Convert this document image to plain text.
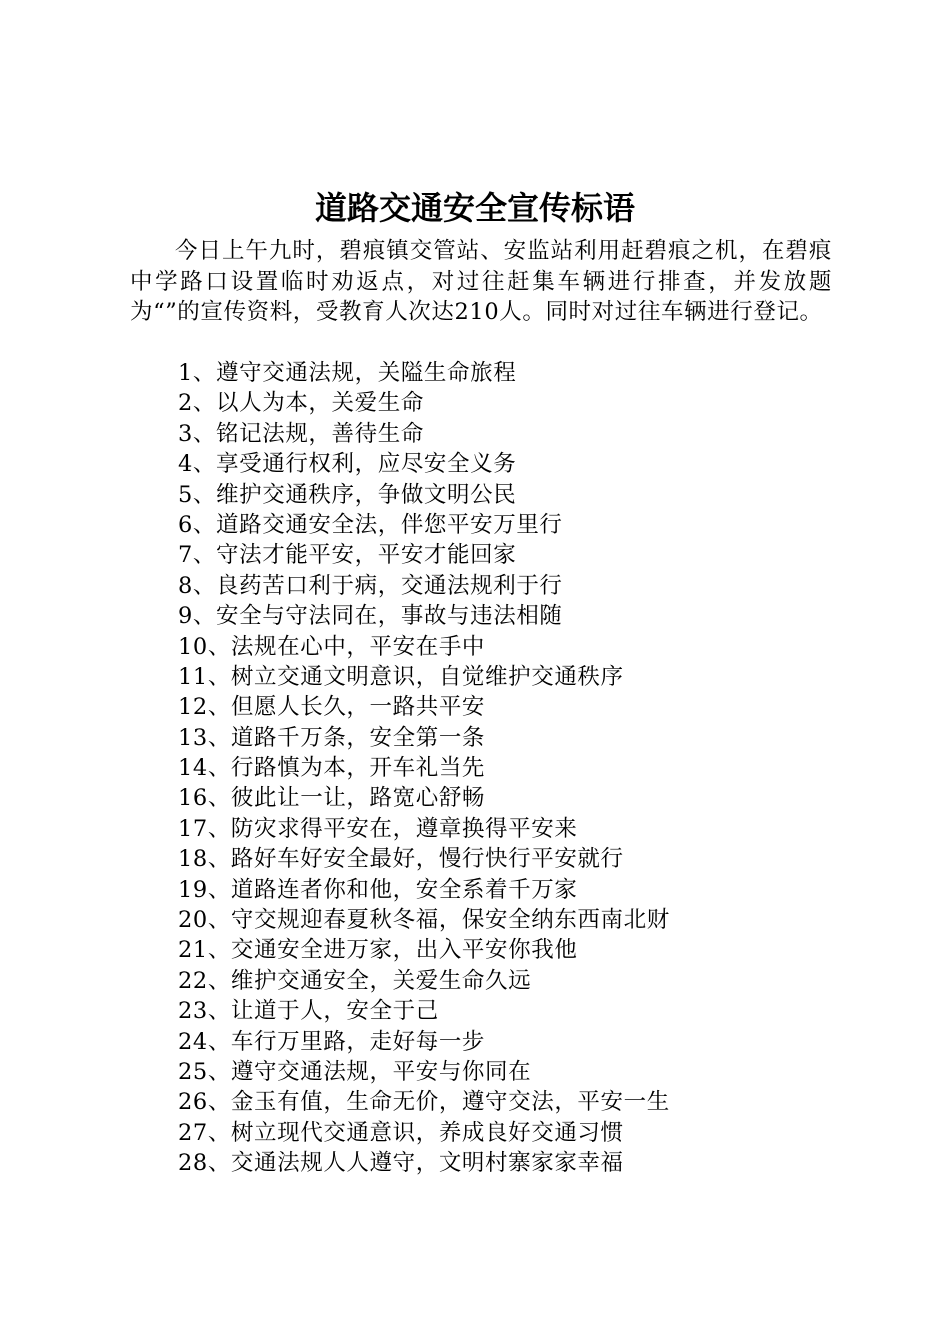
道路交通安全宣传标语

今日上午九时，碧痕镇交管站、安监站利用赶碧痕之机，在碧痕中学路口设置临时劝返点，对过往赶集车辆进行排查，并发放题为“”的宣传资料，受教育人次达210人。同时对过往车辆进行登记。

1、遵守交通法规，关隘生命旅程
2、以人为本，关爱生命
3、铭记法规，善待生命
4、享受通行权利，应尽安全义务
5、维护交通秩序，争做文明公民
6、道路交通安全法，伴您平安万里行
7、守法才能平安，平安才能回家
8、良药苦口利于病，交通法规利于行
9、安全与守法同在，事故与违法相随
10、法规在心中，平安在手中
11、树立交通文明意识，自觉维护交通秩序
12、但愿人长久，一路共平安
13、道路千万条，安全第一条
14、行路慎为本，开车礼当先
16、彼此让一让，路宽心舒畅
17、防灾求得平安在，遵章换得平安来
18、路好车好安全最好，慢行快行平安就行
19、道路连者你和他，安全系着千万家
20、守交规迎春夏秋冬福，保安全纳东西南北财
21、交通安全进万家，出入平安你我他
22、维护交通安全，关爱生命久远
23、让道于人，安全于己
24、车行万里路，走好每一步
25、遵守交通法规，平安与你同在
26、金玉有值，生命无价，遵守交法，平安一生
27、树立现代交通意识，养成良好交通习惯
28、交通法规人人遵守，文明村寨家家幸福
